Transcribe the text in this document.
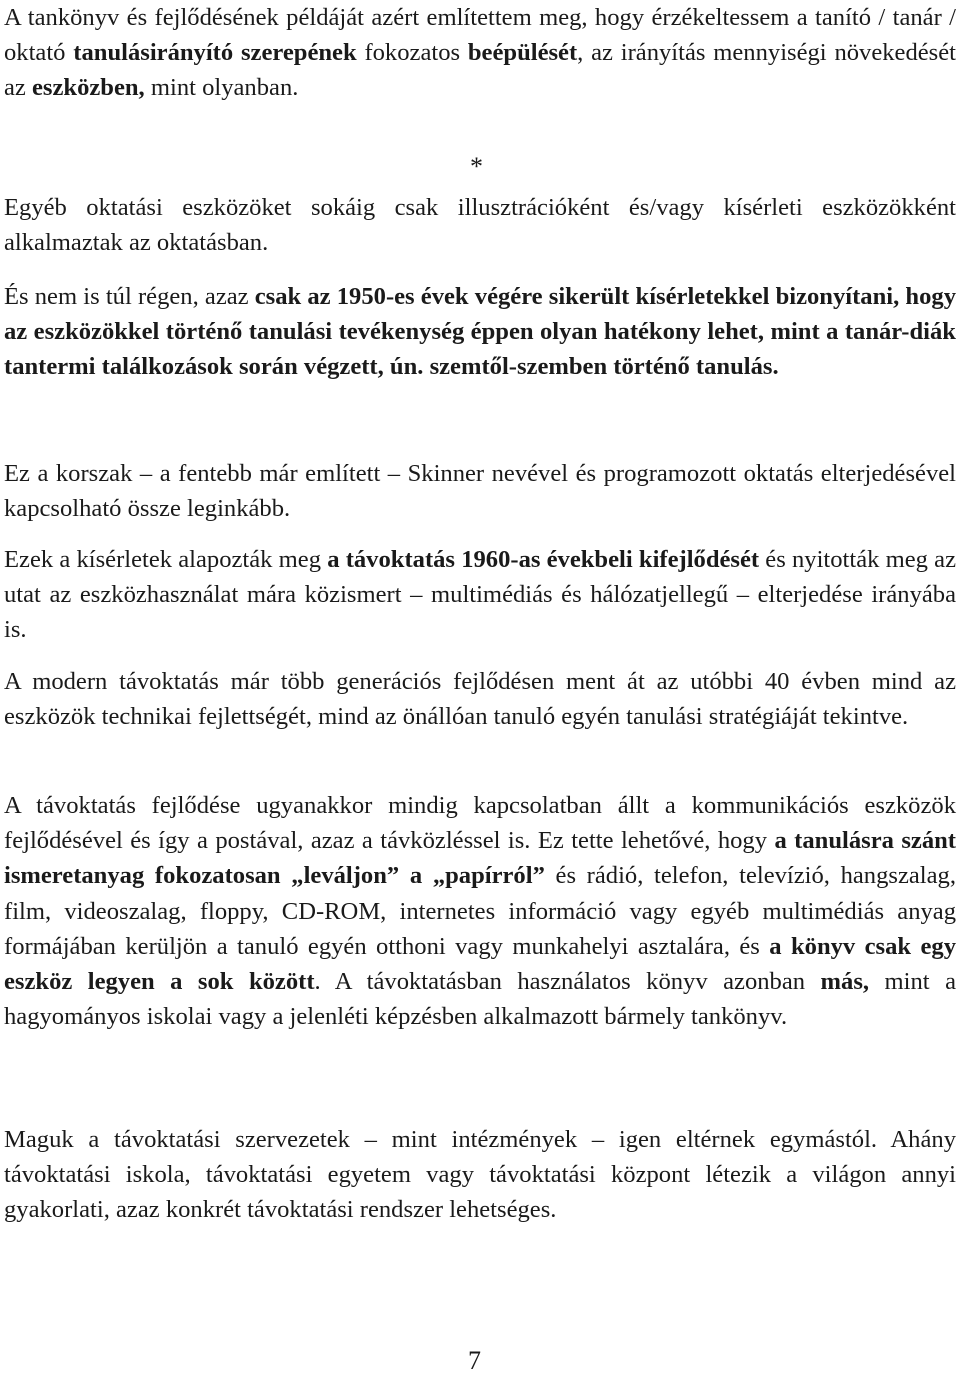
A tankönyv és fejlődésének példáját azért említettem meg, hogy érzékeltessem a tanító / tanár / oktató tanulásirányító szerepének fokozatos beépülését, az irányítás mennyiségi növekedését az eszközben, mint olyanban.

*

Egyéb oktatási eszközöket sokáig csak illusztrációként és/vagy kísérleti eszközökként alkalmaztak az oktatásban.

És nem is túl régen, azaz csak az 1950-es évek végére sikerült kísérletekkel bizonyítani, hogy az eszközökkel történő tanulási tevékenység éppen olyan hatékony lehet, mint a tanár-diák tantermi találkozások során végzett, ún. szemtől-szemben történő tanulás.

Ez a korszak – a fentebb már említett – Skinner nevével és programozott oktatás elterjedésével kapcsolható össze leginkább.

Ezek a kísérletek alapozták meg a távoktatás 1960-as évekbeli kifejlődését és nyitották meg az utat az eszközhasználat mára közismert – multimédiás és hálózatjellegű – elterjedése irányába is.

A modern távoktatás már több generációs fejlődésen ment át az utóbbi 40 évben mind az eszközök technikai fejlettségét, mind az önállóan tanuló egyén tanulási stratégiáját tekintve.

A távoktatás fejlődése ugyanakkor mindig kapcsolatban állt a kommunikációs eszközök fejlődésével és így a postával, azaz a távközléssel is. Ez tette lehetővé, hogy a tanulásra szánt ismeretanyag fokozatosan „leváljon” a „papírról” és rádió, telefon, televízió, hangszalag, film, videoszalag, floppy, CD-ROM, internetes információ vagy egyéb multimédiás anyag formájában kerüljön a tanuló egyén otthoni vagy munkahelyi asztalára, és a könyv csak egy eszköz legyen a sok között. A távoktatásban használatos könyv azonban más, mint a hagyományos iskolai vagy a jelenléti képzésben alkalmazott bármely tankönyv.

Maguk a távoktatási szervezetek – mint intézmények – igen eltérnek egymástól. Ahány távoktatási iskola, távoktatási egyetem vagy távoktatási központ létezik a világon annyi gyakorlati, azaz konkrét távoktatási rendszer lehetséges.

7
